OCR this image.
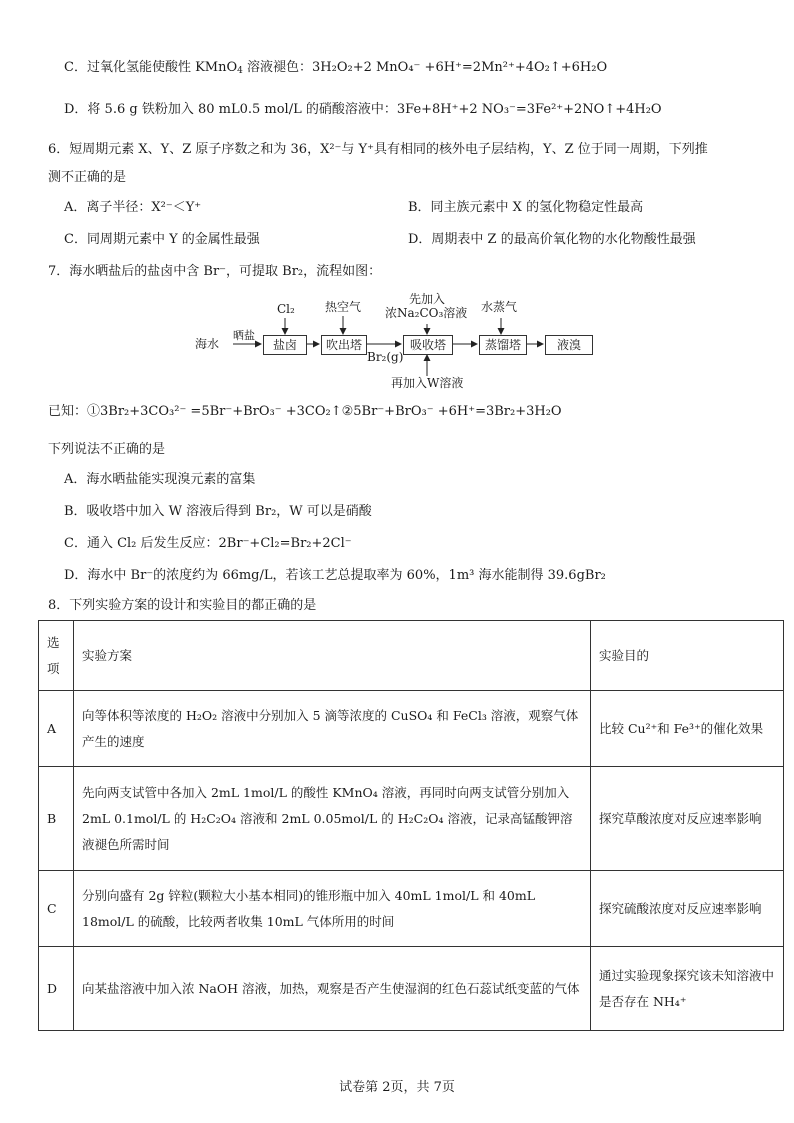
C．过氧化氢能使酸性 KMnO4 溶液褪色：3H₂O₂+2 MnO₄⁻ +6H⁺=2Mn²⁺+4O₂↑+6H₂O
D．将 5.6 g 铁粉加入 80 mL0.5 mol/L 的硝酸溶液中：3Fe+8H⁺+2 NO₃⁻=3Fe²⁺+2NO↑+4H₂O
6．短周期元素 X、Y、Z 原子序数之和为 36，X²⁻与 Y⁺具有相同的核外电子层结构，Y、Z 位于同一周期，下列推
测不正确的是
A．离子半径：X²⁻＜Y⁺	B．同主族元素中 X 的氢化物稳定性最高
C．同周期元素中 Y 的金属性最强	D．周期表中 Z 的最高价氧化物的水化物酸性最强
7．海水晒盐后的盐卤中含 Br⁻，可提取 Br₂，流程如图：
海水
晒盐
盐卤	吹出塔	吸收塔	蒸馏塔	液溴
Cl₂	热空气
先加入
浓Na₂CO₃溶液 水蒸气
Br₂(g)
再加入W溶液
已知：①3Br₂+3CO₃²⁻ =5Br⁻+BrO₃⁻ +3CO₂↑②5Br⁻+BrO₃⁻ +6H⁺=3Br₂+3H₂O
下列说法不正确的是
A．海水晒盐能实现溴元素的富集
B．吸收塔中加入 W 溶液后得到 Br₂，W 可以是硝酸
C．通入 Cl₂ 后发生反应：2Br⁻+Cl₂=Br₂+2Cl⁻
D．海水中 Br⁻的浓度约为 66mg/L，若该工艺总提取率为 60%，1m³ 海水能制得 39.6gBr₂
8．下列实验方案的设计和实验目的都正确的是
选项	实验方案	实验目的
A	向等体积等浓度的 H₂O₂ 溶液中分别加入 5 滴等浓度的 CuSO₄ 和 FeCl₃ 溶液，观察气体产生的速度	比较 Cu²⁺和 Fe³⁺的催化效果
B	先向两支试管中各加入 2mL 1mol/L 的酸性 KMnO₄ 溶液，再同时向两支试管分别加入 2mL 0.1mol/L 的 H₂C₂O₄ 溶液和 2mL 0.05mol/L 的 H₂C₂O₄ 溶液，记录高锰酸钾溶液褪色所需时间	探究草酸浓度对反应速率影响
C	分别向盛有 2g 锌粒(颗粒大小基本相同)的锥形瓶中加入 40mL 1mol/L 和 40mL 18mol/L 的硫酸，比较两者收集 10mL 气体所用的时间	探究硫酸浓度对反应速率影响
D	向某盐溶液中加入浓 NaOH 溶液，加热，观察是否产生使湿润的红色石蕊试纸变蓝的气体	通过实验现象探究该未知溶液中是否存在 NH₄⁺
试卷第 2页，共 7页
